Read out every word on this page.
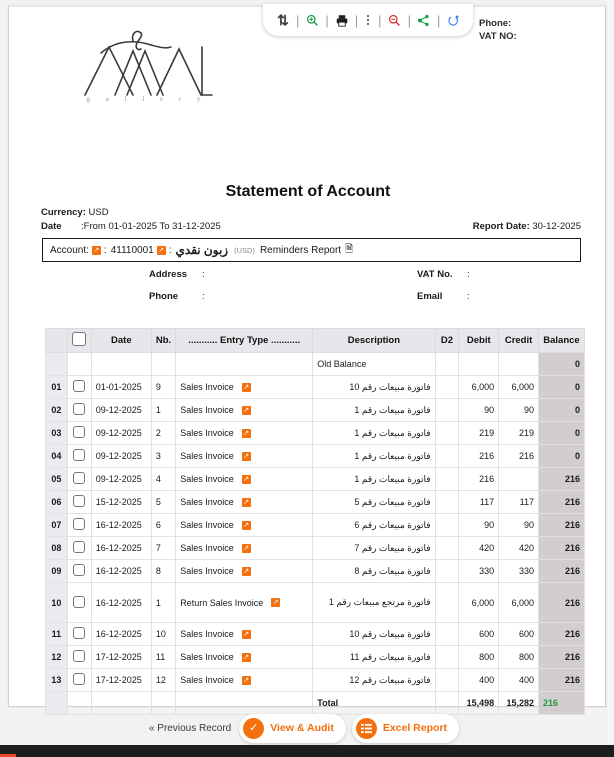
g a l l e r y
Phone:
VAT NO:
Statement of Account
Currency: USD
Date :From 01-01-2025 To 31-12-2025	Report Date: 30-12-2025
Account: ↗ : 41110001 ↗ : زبون نقدي (USD) Reminders Report 🗎
Address :	VAT No. :
Phone	:	Email	:
		Date	Nb.	........... Entry Type ...........	Description	D2	Debit	Credit	Balance
					Old Balance				0
01		01-01-2025	9	Sales Invoice ↗	فاتورة مبيعات رقم 10		6,000	6,000	0
02		09-12-2025	1	Sales Invoice ↗	فاتورة مبيعات رقم 1		90	90	0
03		09-12-2025	2	Sales Invoice ↗	فاتورة مبيعات رقم 1		219	219	0
04		09-12-2025	3	Sales Invoice ↗	فاتورة مبيعات رقم 1		216	216	0
05		09-12-2025	4	Sales Invoice ↗	فاتورة مبيعات رقم 1		216		216
06		15-12-2025	5	Sales Invoice ↗	فاتورة مبيعات رقم 5		117	117	216
07		16-12-2025	6	Sales Invoice ↗	فاتورة مبيعات رقم 6		90	90	216
08		16-12-2025	7	Sales Invoice ↗	فاتورة مبيعات رقم 7		420	420	216
09		16-12-2025	8	Sales Invoice ↗	فاتورة مبيعات رقم 8		330	330	216
10		16-12-2025	1	Return Sales Invoice ↗	فاتورة مرتجع مبيعات رقم 1		6,000	6,000	216
11		16-12-2025	10	Sales Invoice ↗	فاتورة مبيعات رقم 10		600	600	216
12		17-12-2025	11	Sales Invoice ↗	فاتورة مبيعات رقم 11		800	800	216
13		17-12-2025	12	Sales Invoice ↗	فاتورة مبيعات رقم 12		400	400	216
					Total		15,498	15,282	216
⇅ | | | | | |
« Previous Record	✓	View & Audit	Excel Report
